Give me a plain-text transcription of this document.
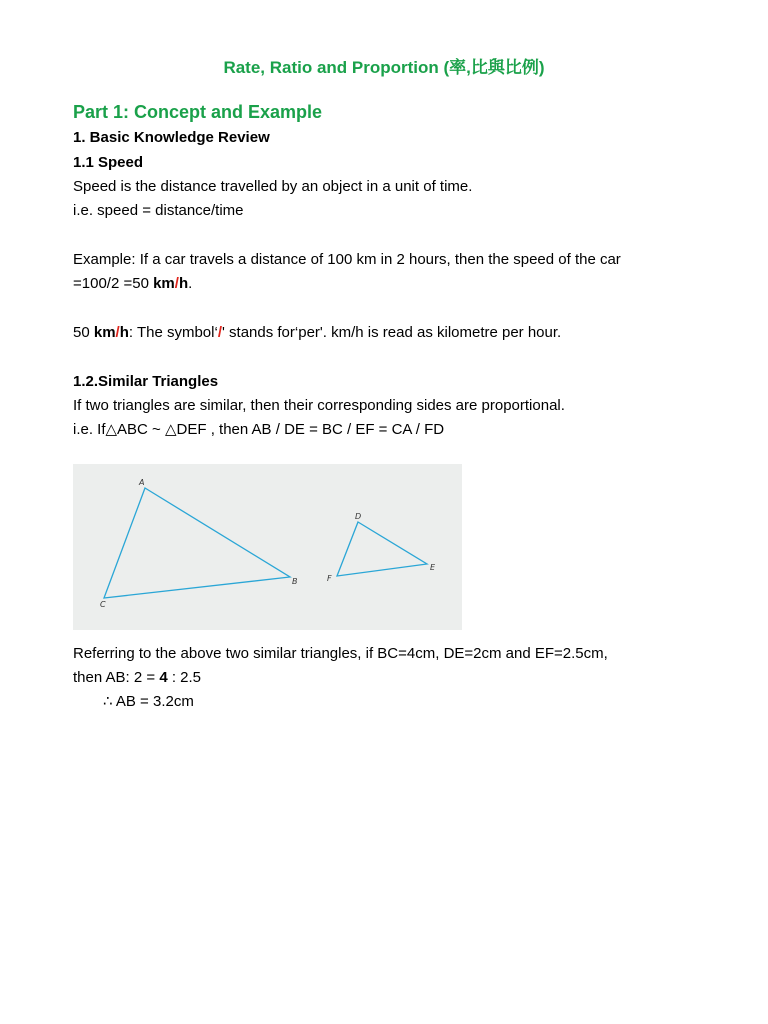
Rate, Ratio and Proportion (率,比與比例)
Part 1: Concept and Example
1. Basic Knowledge Review
1.1 Speed
Speed is the distance travelled by an object in a unit of time.
i.e. speed = distance/time
Example: If a car travels a distance of 100 km in 2 hours, then the speed of the car
=100/2 =50 km/h.
50 km/h: The symbol‘/' stands for‘per'. km/h is read as kilometre per hour.
1.2.Similar Triangles
If two triangles are similar, then their corresponding sides are proportional.
i.e. If△ABC ~ △DEF , then AB / DE = BC / EF = CA / FD
A
B
C
D
E
F
Referring to the above two similar triangles, if BC=4cm, DE=2cm and EF=2.5cm,
then AB: 2 = 4 : 2.5
∴ AB = 3.2cm
